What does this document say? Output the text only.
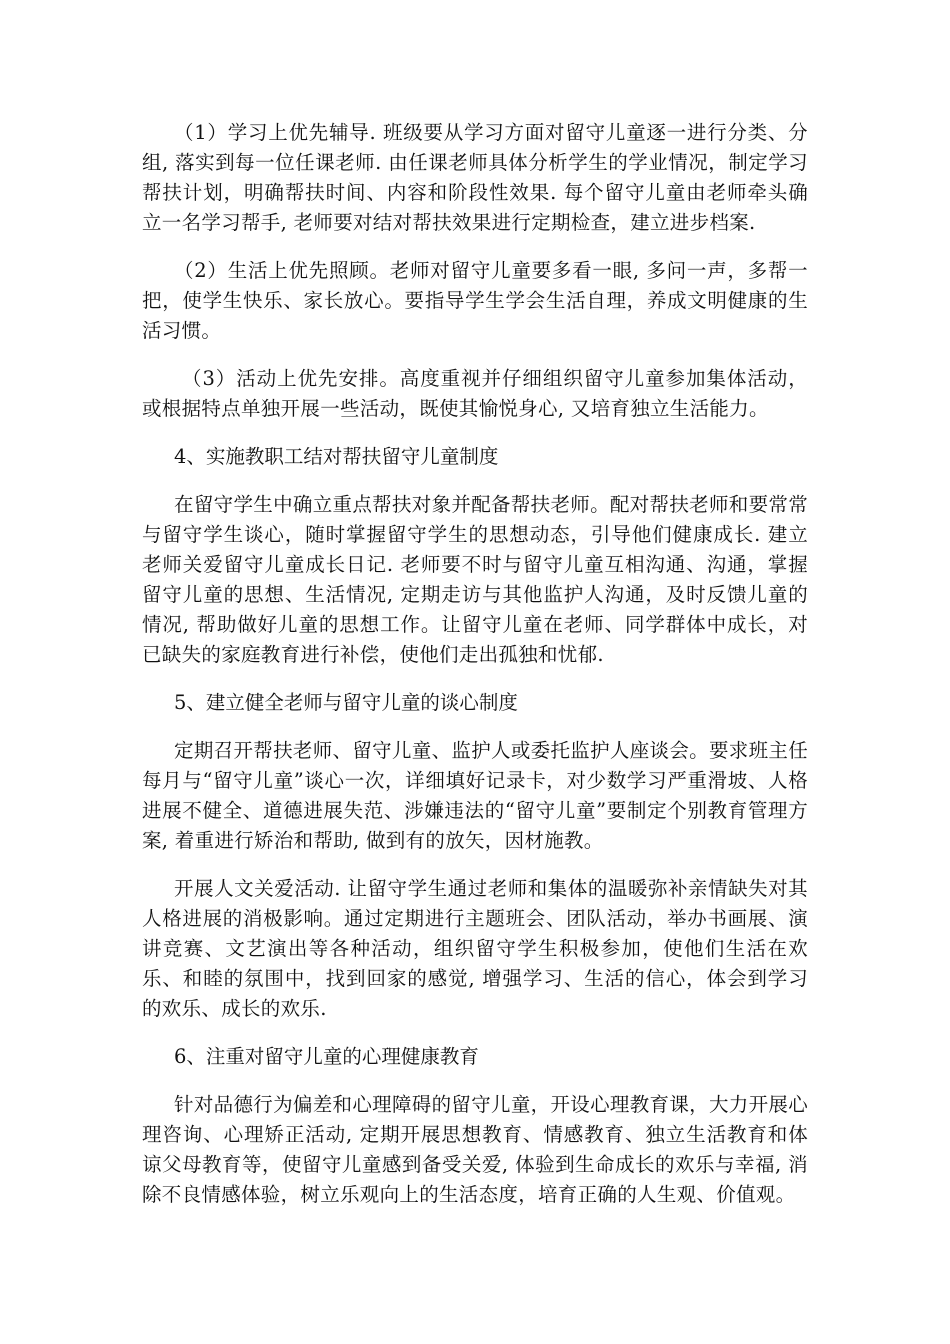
（1）学习上优先辅导. 班级要从学习方面对留守儿童逐一进行分类、分组, 落实到每一位任课老师. 由任课老师具体分析学生的学业情况，制定学习帮扶计划，明确帮扶时间、内容和阶段性效果. 每个留守儿童由老师牵头确立一名学习帮手, 老师要对结对帮扶效果进行定期检查，建立进步档案.

（2）生活上优先照顾。老师对留守儿童要多看一眼, 多问一声，多帮一把，使学生快乐、家长放心。要指导学生学会生活自理，养成文明健康的生活习惯。

（3）活动上优先安排。高度重视并仔细组织留守儿童参加集体活动，或根据特点单独开展一些活动，既使其愉悦身心, 又培育独立生活能力。

4、实施教职工结对帮扶留守儿童制度

在留守学生中确立重点帮扶对象并配备帮扶老师。配对帮扶老师和要常常与留守学生谈心，随时掌握留守学生的思想动态，引导他们健康成长. 建立老师关爱留守儿童成长日记. 老师要不时与留守儿童互相沟通、沟通，掌握留守儿童的思想、生活情况, 定期走访与其他监护人沟通，及时反馈儿童的情况, 帮助做好儿童的思想工作。让留守儿童在老师、同学群体中成长，对已缺失的家庭教育进行补偿，使他们走出孤独和忧郁.

5、建立健全老师与留守儿童的谈心制度

定期召开帮扶老师、留守儿童、监护人或委托监护人座谈会。要求班主任每月与“留守儿童”谈心一次，详细填好记录卡，对少数学习严重滑坡、人格进展不健全、道德进展失范、涉嫌违法的“留守儿童”要制定个别教育管理方案, 着重进行矫治和帮助, 做到有的放矢，因材施教。

开展人文关爱活动. 让留守学生通过老师和集体的温暖弥补亲情缺失对其人格进展的消极影响。通过定期进行主题班会、团队活动，举办书画展、演讲竞赛、文艺演出等各种活动，组织留守学生积极参加，使他们生活在欢乐、和睦的氛围中，找到回家的感觉, 增强学习、生活的信心，体会到学习的欢乐、成长的欢乐.

6、注重对留守儿童的心理健康教育

针对品德行为偏差和心理障碍的留守儿童，开设心理教育课，大力开展心理咨询、心理矫正活动, 定期开展思想教育、情感教育、独立生活教育和体谅父母教育等，使留守儿童感到备受关爱, 体验到生命成长的欢乐与幸福, 消除不良情感体验，树立乐观向上的生活态度，培育正确的人生观、价值观。
